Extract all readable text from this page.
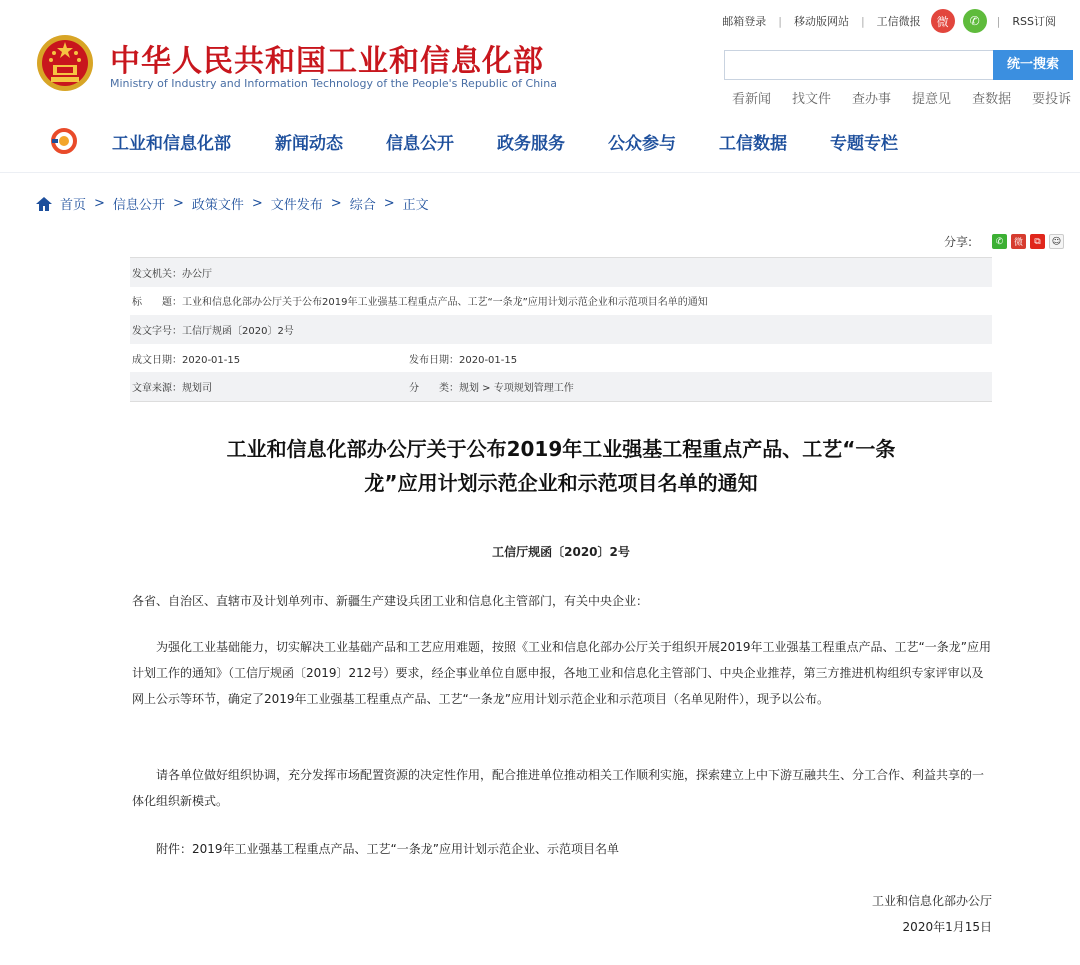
中华人民共和国工业和信息化部
Ministry of Industry and Information Technology of the People's Republic of China
邮箱登录	|	移动版网站	|	工信微报	微	✆	|	RSS订阅
统一搜索
看新闻 找文件 查办事 提意见 查数据 要投诉
工业和信息化部	新闻动态	信息公开	政务服务	公众参与	工信数据	专题专栏
首页 > 信息公开 > 政策文件 > 文件发布 > 综合 > 正文
分享:	✆	微	⧉	☺
发文机关：办公厅
标　　题：工业和信息化部办公厅关于公布2019年工业强基工程重点产品、工艺“一条龙”应用计划示范企业和示范项目名单的通知
发文字号：工信厅规函〔2020〕2号
成文日期：2020-01-15	发布日期：2020-01-15
文章来源：规划司	分　　类：规划 > 专项规划管理工作
工业和信息化部办公厅关于公布2019年工业强基工程重点产品、工艺“一条
龙”应用计划示范企业和示范项目名单的通知
工信厅规函〔2020〕2号
各省、自治区、直辖市及计划单列市、新疆生产建设兵团工业和信息化主管部门，有关中央企业：
为强化工业基础能力，切实解决工业基础产品和工艺应用难题，按照《工业和信息化部办公厅关于组织开展2019年工业强基工程重点产品、工艺“一条龙”应用计划工作的通知》（工信厅规函〔2019〕212号）要求，经企事业单位自愿申报，各地工业和信息化主管部门、中央企业推荐，第三方推进机构组织专家评审以及网上公示等环节，确定了2019年工业强基工程重点产品、工艺“一条龙”应用计划示范企业和示范项目（名单见附件），现予以公布。
请各单位做好组织协调，充分发挥市场配置资源的决定性作用，配合推进单位推动相关工作顺利实施，探索建立上中下游互融共生、分工合作、利益共享的一体化组织新模式。
附件：2019年工业强基工程重点产品、工艺“一条龙”应用计划示范企业、示范项目名单
工业和信息化部办公厅
2020年1月15日
